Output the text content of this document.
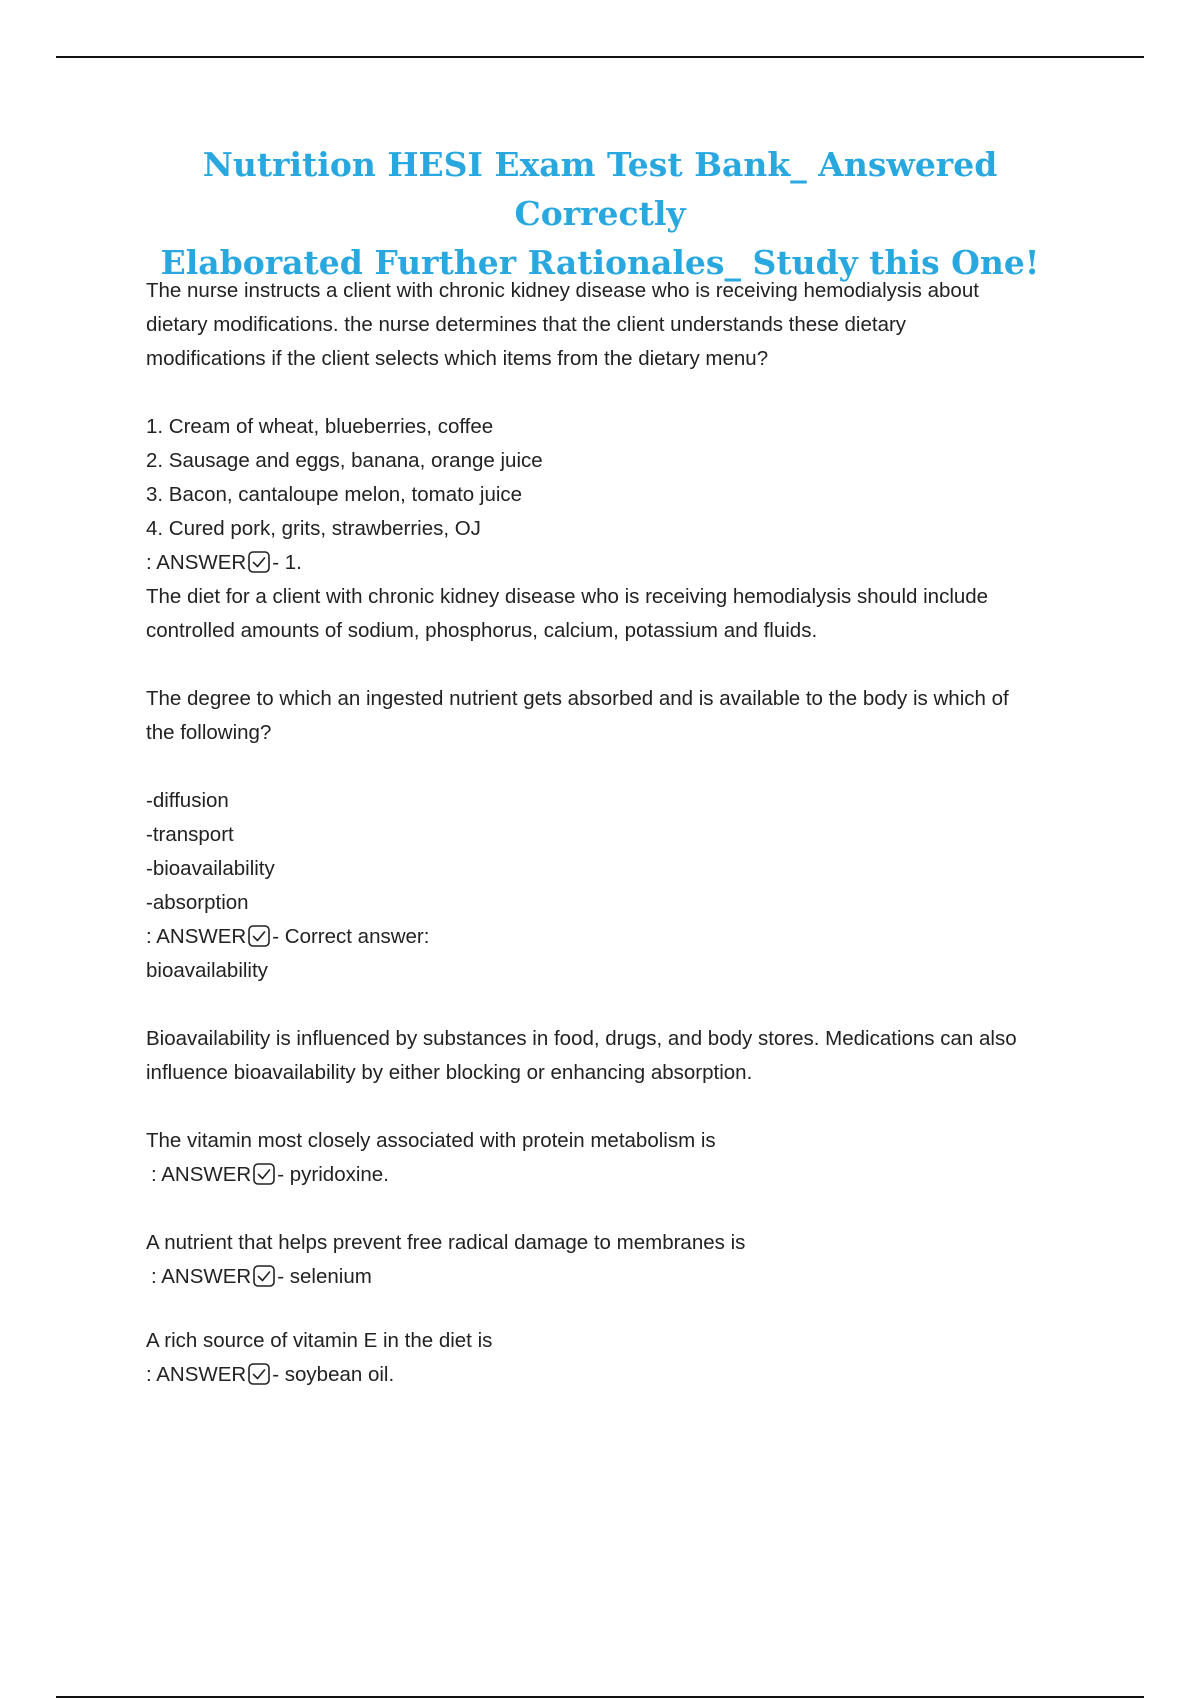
Nutrition HESI Exam Test Bank_ Answered Correctly
Elaborated Further Rationales_ Study this One!
The nurse instructs a client with chronic kidney disease who is receiving hemodialysis about
dietary modifications. the nurse determines that the client understands these dietary
modifications if the client selects which items from the dietary menu?
1. Cream of wheat, blueberries, coffee
2. Sausage and eggs, banana, orange juice
3. Bacon, cantaloupe melon, tomato juice
4. Cured pork, grits, strawberries, OJ
: ANSWER - 1.
The diet for a client with chronic kidney disease who is receiving hemodialysis should include
controlled amounts of sodium, phosphorus, calcium, potassium and fluids.
The degree to which an ingested nutrient gets absorbed and is available to the body is which of
the following?
-diffusion
-transport
-bioavailability
-absorption
: ANSWER - Correct answer:
bioavailability
Bioavailability is influenced by substances in food, drugs, and body stores. Medications can also
influence bioavailability by either blocking or enhancing absorption.
The vitamin most closely associated with protein metabolism is
: ANSWER - pyridoxine.
A nutrient that helps prevent free radical damage to membranes is
: ANSWER - selenium
A rich source of vitamin E in the diet is
: ANSWER - soybean oil.
